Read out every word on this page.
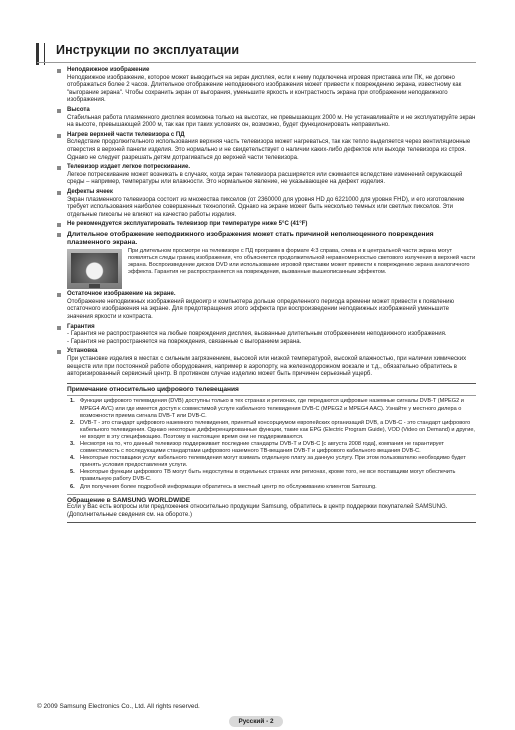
Инструкции по эксплуатации
Неподвижное изображение
Неподвижное изображение, которое может выводиться на экран дисплея, если к нему подключена игровая приставка или ПК, не должно отображаться более 2 часов. Длительное отображение неподвижного изображения может привести к повреждению экрана, известному как "выгорание экрана". Чтобы сохранить экран от выгорания, уменьшите яркость и контрастность экрана при отображении неподвижного изображения.
Высота
Стабильная работа плазменного дисплея возможна только на высотах, не превышающих 2000 м. Не устанавливайте и не эксплуатируйте экран на высоте, превышающей 2000 м, так как при таких условиях он, возможно, будет функционировать неправильно.
Нагрев верхней части телевизора с ПД
Вследствие продолжительного использования верхняя часть телевизора может нагреваться, так как тепло выделяется через вентиляционные отверстия в верхней панели изделия. Это нормально и не свидетельствует о наличии каких-либо дефектов или выходе телевизора из строя. Однако не следует разрешать детям дотрагиваться до верхней части телевизора.
Телевизор издает легкое потрескивание.
Легкое потрескивание может возникать в случаях, когда экран телевизора расширяется или сжимается вследствие изменений окружающей среды – например, температуры или влажности. Это нормальное явление, не указывающее на дефект изделия.
Дефекты ячеек
Экран плазменного телевизора состоит из множества пикселов (от 2360000 для уровня HD до 6221000 для уровня FHD), и его изготовление требует использования наиболее совершенных технологий. Однако на экране может быть несколько темных или светлых пикселов. Эти отдельные пикселы не влияют на качество работы изделия.
Не рекомендуется эксплуатировать телевизор при температуре ниже 5°C (41°F)
Длительное отображение неподвижного изображения может стать причиной неполноценного повреждения плазменного экрана.
При длительном просмотре на телевизоре с ПД программ в формате 4:3 справа, слева и в центральной части экрана могут появляться следы границ изображения, что объясняется продолжительной неравномерностью светового излучения в верхней части экрана. Воспроизведение дисков DVD или использование игровой приставки может привести к повреждению экрана аналогичного эффекта. Гарантия не распространяется на повреждения, вызванные вышеописанным эффектом.
Остаточное изображение на экране.
Отображение неподвижных изображений видеоигр и компьютера дольше определенного периода времени может привести к появлению остаточного изображения на экране. Для предотвращения этого эффекта при воспроизведении неподвижных изображений уменьшите значения яркости и контраста.
Гарантия
- Гарантия не распространяется на любые повреждения дисплея, вызванные длительным отображением неподвижного изображения.
- Гарантия не распространяется на повреждения, связанные с выгоранием экрана.
Установка
При установке изделия в местах с сильным загрязнением, высокой или низкой температурой, высокой влажностью, при наличии химических веществ или при постоянной работе оборудования, например в аэропорту, на железнодорожном вокзале и т.д., обязательно обратитесь в авторизированный сервисный центр. В противном случае изделию может быть причинен серьезный ущерб.
Примечание относительно цифрового телевещания
1. Функции цифрового телевидения (DVB) доступны только в тех странах и регионах, где передаются цифровые наземные сигналы DVB-T (MPEG2 и MPEG4 AVC) или где имеется доступ к совместимой услуге кабельного телевидения DVB-C (MPEG2 и MPEG4 AAC). Узнайте у местного дилера о возможности приема сигнала DVB-T или DVB-C.
2. DVB-T - это стандарт цифрового наземного телевидения, принятый консорциумом европейских организаций DVB, а DVB-C - это стандарт цифрового кабельного телевидения. Однако некоторые дифференцированные функции, такие как EPG (Electric Program Guide), VOD (Video on Demand) и другие, не входят в эту спецификацию. Поэтому в настоящее время они не поддерживаются.
3. Несмотря на то, что данный телевизор поддерживает последние стандарты DVB-T и DVB-C [с августа 2008 года], компания не гарантирует совместимость с последующими стандартами цифрового наземного ТВ-вещания DVB-T и цифрового кабельного вещания DVB-C.
4. Некоторые поставщики услуг кабельного телевидения могут взимать отдельную плату за данную услугу. При этом пользователю необходимо будет принять условия предоставления услуги.
5. Некоторые функции цифрового ТВ могут быть недоступны в отдельных странах или регионах, кроме того, не все поставщики могут обеспечить правильную работу DVB-C.
6. Для получения более подробной информации обратитесь в местный центр по обслуживанию клиентов Samsung.
Обращение в SAMSUNG WORLDWIDE
Если у Вас есть вопросы или предложения относительно продукции Samsung, обратитесь в центр поддержки покупателей SAMSUNG. (Дополнительные сведения см. на обороте.)
© 2009 Samsung Electronics Co., Ltd. All rights reserved.
Русский - 2
